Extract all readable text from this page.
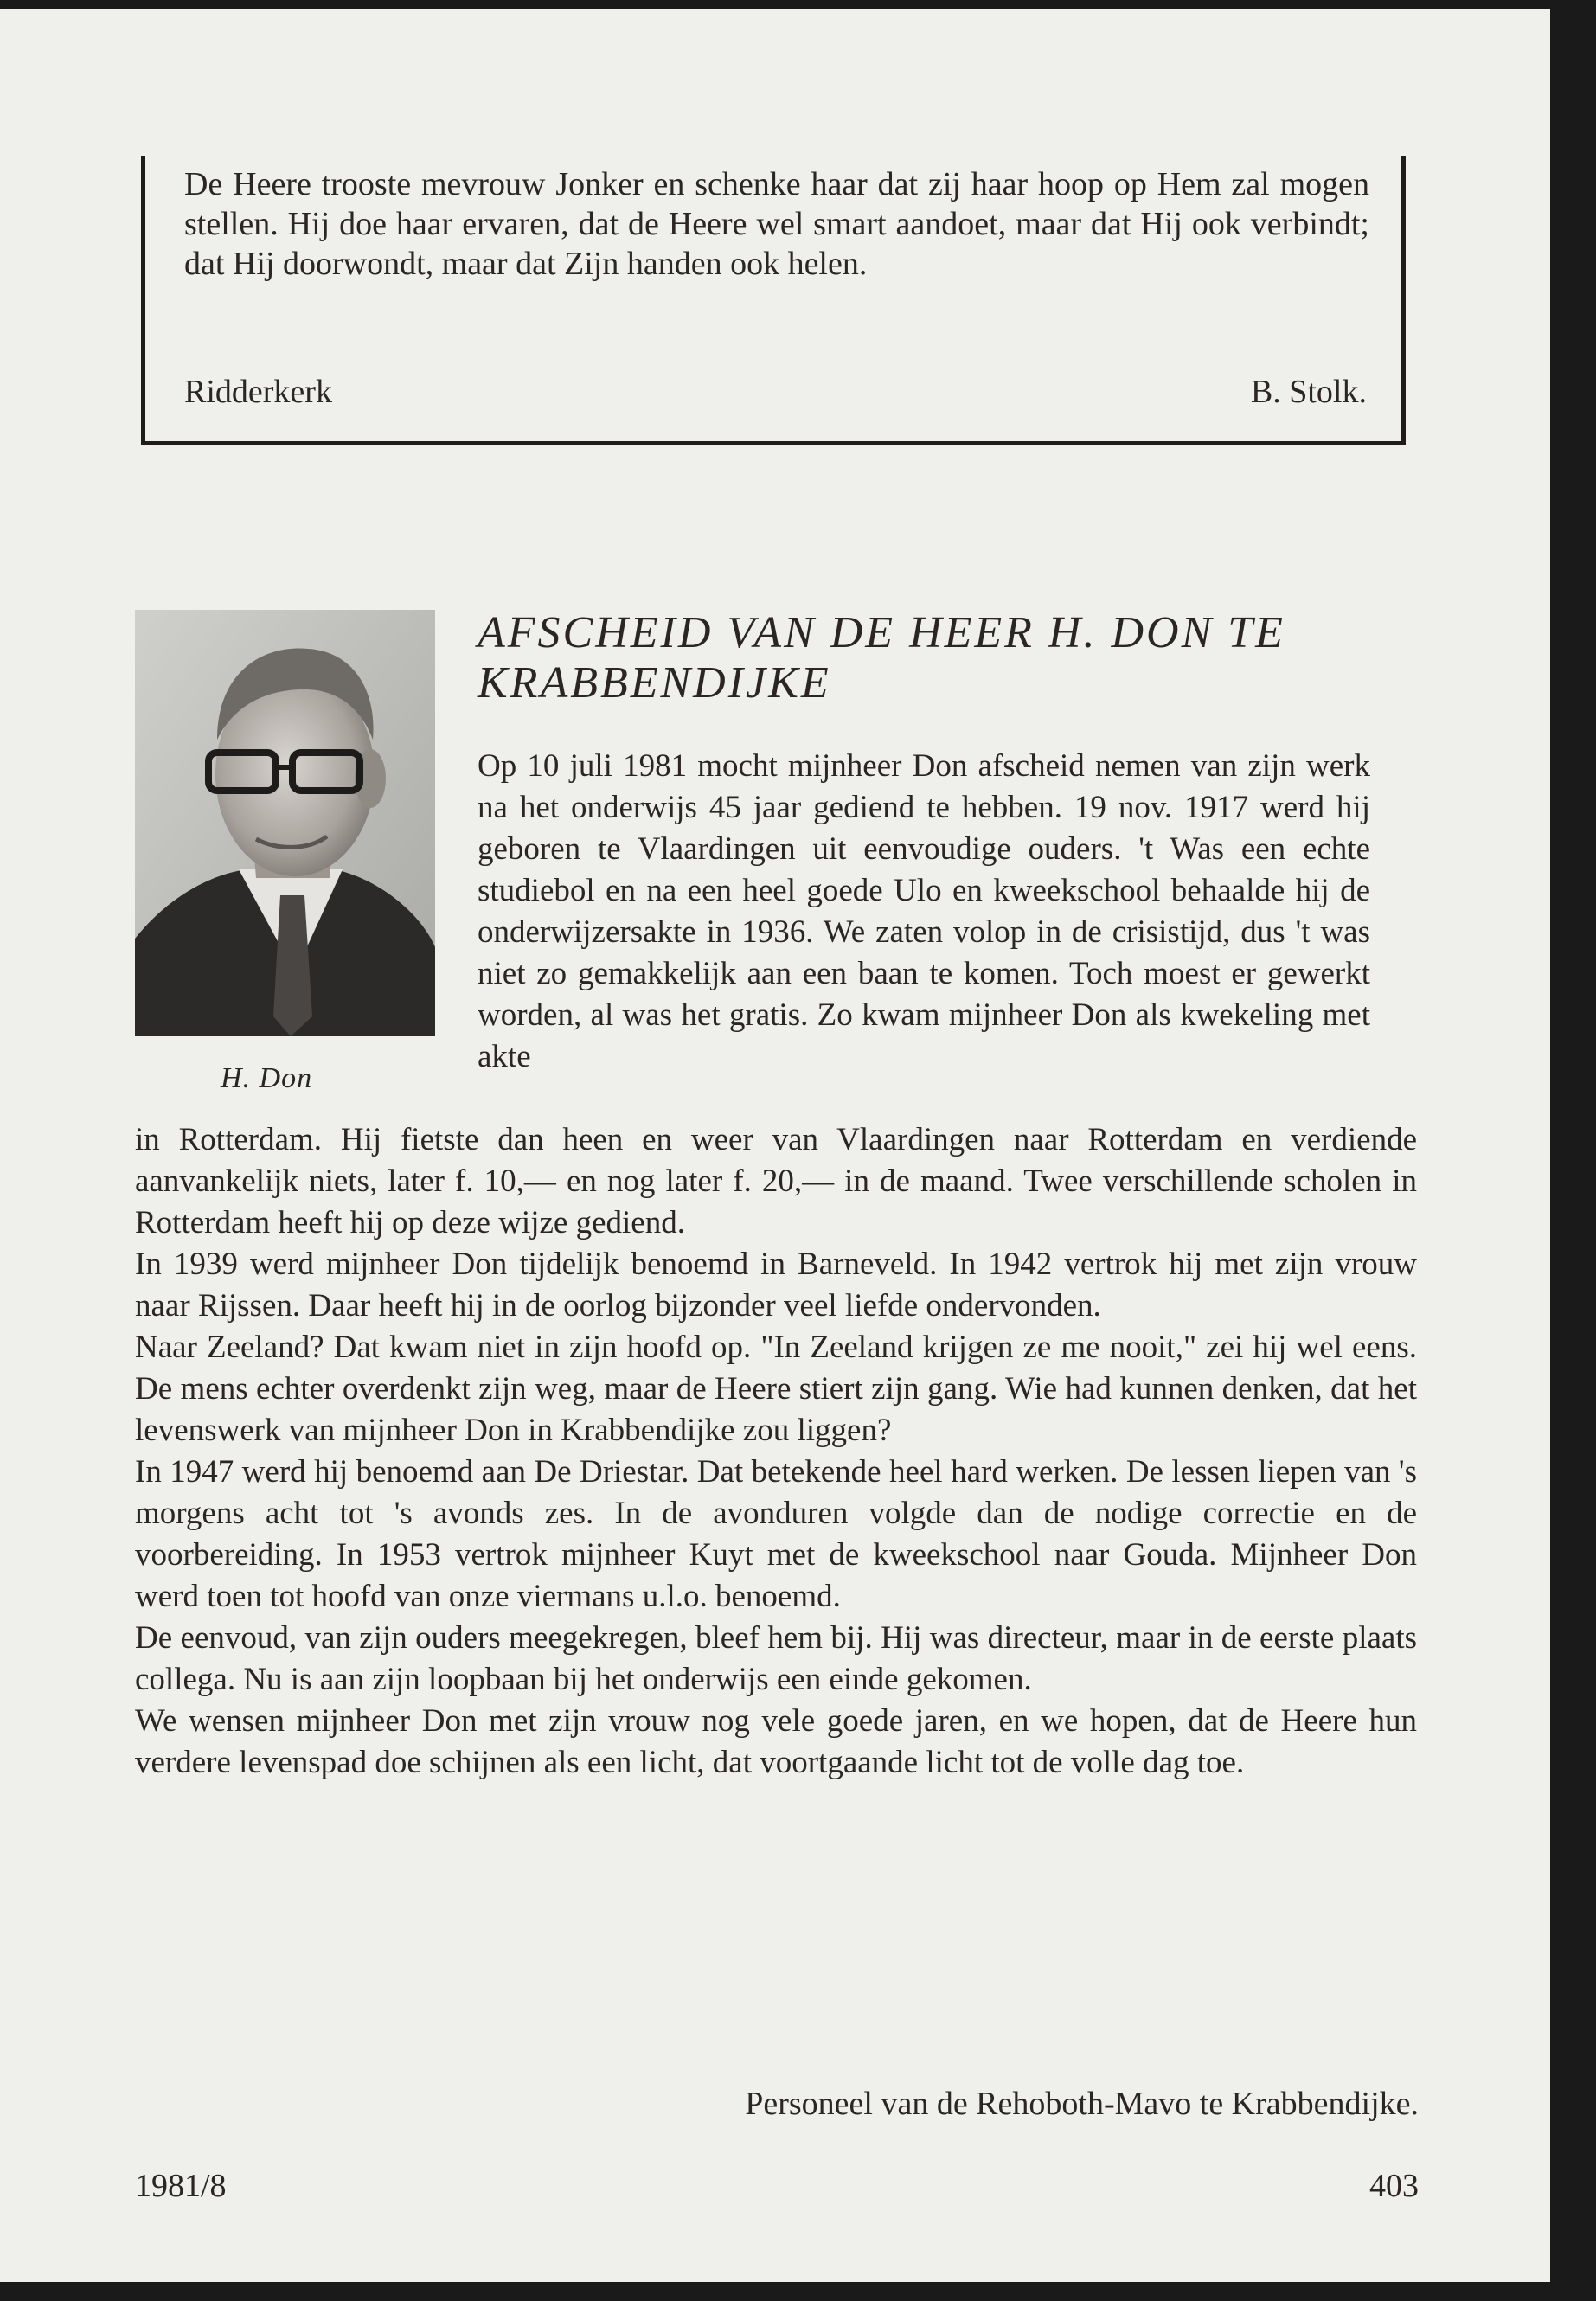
De Heere trooste mevrouw Jonker en schenke haar dat zij haar hoop op Hem zal mogen stellen. Hij doe haar ervaren, dat de Heere wel smart aandoet, maar dat Hij ook verbindt; dat Hij doorwondt, maar dat Zijn handen ook helen.

Ridderkerk	B. Stolk.
H. Don
AFSCHEID VAN DE HEER H. DON TE KRABBENDIJKE

Op 10 juli 1981 mocht mijnheer Don afscheid nemen van zijn werk na het onderwijs 45 jaar gediend te hebben. 19 nov. 1917 werd hij geboren te Vlaardingen uit eenvoudige ouders. 't Was een echte studiebol en na een heel goede Ulo en kweekschool behaalde hij de onderwijzersakte in 1936. We zaten volop in de crisistijd, dus 't was niet zo gemakkelijk aan een baan te komen. Toch moest er gewerkt worden, al was het gratis. Zo kwam mijnheer Don als kwekeling met akte

in Rotterdam. Hij fietste dan heen en weer van Vlaardingen naar Rotterdam en verdiende aanvankelijk niets, later f. 10,— en nog later f. 20,— in de maand. Twee verschillende scholen in Rotterdam heeft hij op deze wijze gediend.

In 1939 werd mijnheer Don tijdelijk benoemd in Barneveld. In 1942 vertrok hij met zijn vrouw naar Rijssen. Daar heeft hij in de oorlog bijzonder veel liefde ondervonden.

Naar Zeeland? Dat kwam niet in zijn hoofd op. "In Zeeland krijgen ze me nooit," zei hij wel eens. De mens echter overdenkt zijn weg, maar de Heere stiert zijn gang. Wie had kunnen denken, dat het levenswerk van mijnheer Don in Krabbendijke zou liggen?

In 1947 werd hij benoemd aan De Driestar. Dat betekende heel hard werken. De lessen liepen van 's morgens acht tot 's avonds zes. In de avonduren volgde dan de nodige correctie en de voorbereiding. In 1953 vertrok mijnheer Kuyt met de kweekschool naar Gouda. Mijnheer Don werd toen tot hoofd van onze viermans u.l.o. benoemd.

De eenvoud, van zijn ouders meegekregen, bleef hem bij. Hij was directeur, maar in de eerste plaats collega. Nu is aan zijn loopbaan bij het onderwijs een einde gekomen.

We wensen mijnheer Don met zijn vrouw nog vele goede jaren, en we hopen, dat de Heere hun verdere levenspad doe schijnen als een licht, dat voortgaande licht tot de volle dag toe.

Personeel van de Rehoboth-Mavo te Krabbendijke.
1981/8	403
